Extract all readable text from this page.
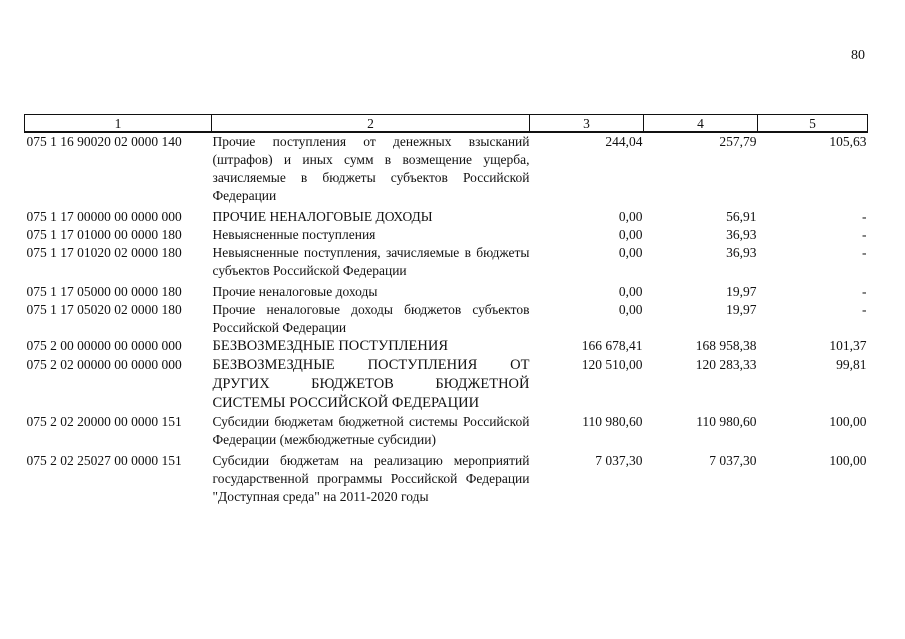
80
1	2	3	4	5
075 1 16 90020 02 0000 140	Прочие поступления от денежных взысканий (штрафов) и иных сумм в возмещение ущерба, зачисляемые в бюджеты субъектов Российской Федерации	244,04	257,79	105,63
075 1 17 00000 00 0000 000	ПРОЧИЕ НЕНАЛОГОВЫЕ ДОХОДЫ	0,00	56,91	-
075 1 17 01000 00 0000 180	Невыясненные поступления	0,00	36,93	-
075 1 17 01020 02 0000 180	Невыясненные поступления, зачисляемые в бюджеты субъектов Российской Федерации	0,00	36,93	-
075 1 17 05000 00 0000 180	Прочие неналоговые доходы	0,00	19,97	-
075 1 17 05020 02 0000 180	Прочие неналоговые доходы бюджетов субъектов Российской Федерации	0,00	19,97	-
075 2 00 00000 00 0000 000	БЕЗВОЗМЕЗДНЫЕ ПОСТУПЛЕНИЯ	166 678,41	168 958,38	101,37
075 2 02 00000 00 0000 000	БЕЗВОЗМЕЗДНЫЕ ПОСТУПЛЕНИЯ ОТ ДРУГИХ БЮДЖЕТОВ БЮДЖЕТНОЙ СИСТЕМЫ РОССИЙСКОЙ ФЕДЕРАЦИИ	120 510,00	120 283,33	99,81
075 2 02 20000 00 0000 151	Субсидии бюджетам бюджетной системы Российской Федерации (межбюджетные субсидии)	110 980,60	110 980,60	100,00
075 2 02 25027 00 0000 151	Субсидии бюджетам на реализацию мероприятий государственной программы Российской Федерации "Доступная среда" на 2011-2020 годы	7 037,30	7 037,30	100,00
